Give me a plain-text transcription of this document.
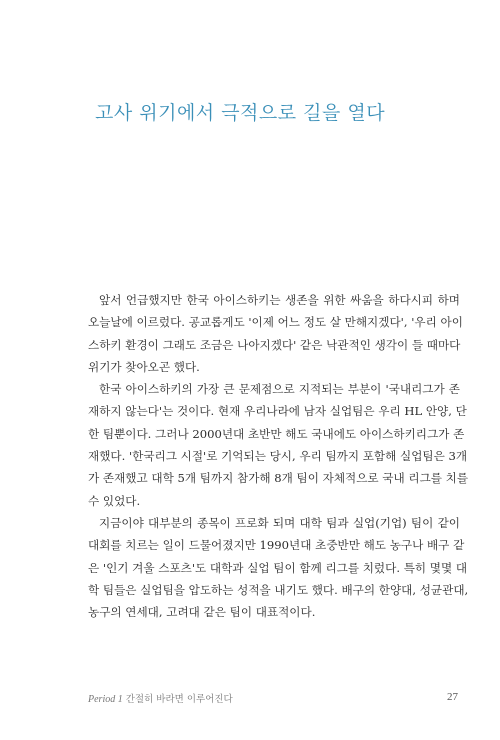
고사 위기에서 극적으로 길을 열다
앞서 언급했지만 한국 아이스하키는 생존을 위한 싸움을 하다시피 하며
오늘날에 이르렀다. 공교롭게도 '이제 어느 정도 살 만해지겠다', '우리 아이
스하키 환경이 그래도 조금은 나아지겠다' 같은 낙관적인 생각이 들 때마다
위기가 찾아오곤 했다.
한국 아이스하키의 가장 큰 문제점으로 지적되는 부분이 '국내리그가 존
재하지 않는다'는 것이다. 현재 우리나라에 남자 실업팀은 우리 HL 안양, 단
한 팀뿐이다. 그러나 2000년대 초반만 해도 국내에도 아이스하키리그가 존
재했다. '한국리그 시절'로 기억되는 당시, 우리 팀까지 포함해 실업팀은 3개
가 존재했고 대학 5개 팀까지 참가해 8개 팀이 자체적으로 국내 리그를 치를
수 있었다.
지금이야 대부분의 종목이 프로화 되며 대학 팀과 실업(기업) 팀이 같이
대회를 치르는 일이 드물어졌지만 1990년대 초중반만 해도 농구나 배구 같
은 '인기 겨울 스포츠'도 대학과 실업 팀이 함께 리그를 치렀다. 특히 몇몇 대
학 팀들은 실업팀을 압도하는 성적을 내기도 했다. 배구의 한양대, 성균관대,
농구의 연세대, 고려대 같은 팀이 대표적이다.
Period 1 간절히 바라면 이루어진다	27
